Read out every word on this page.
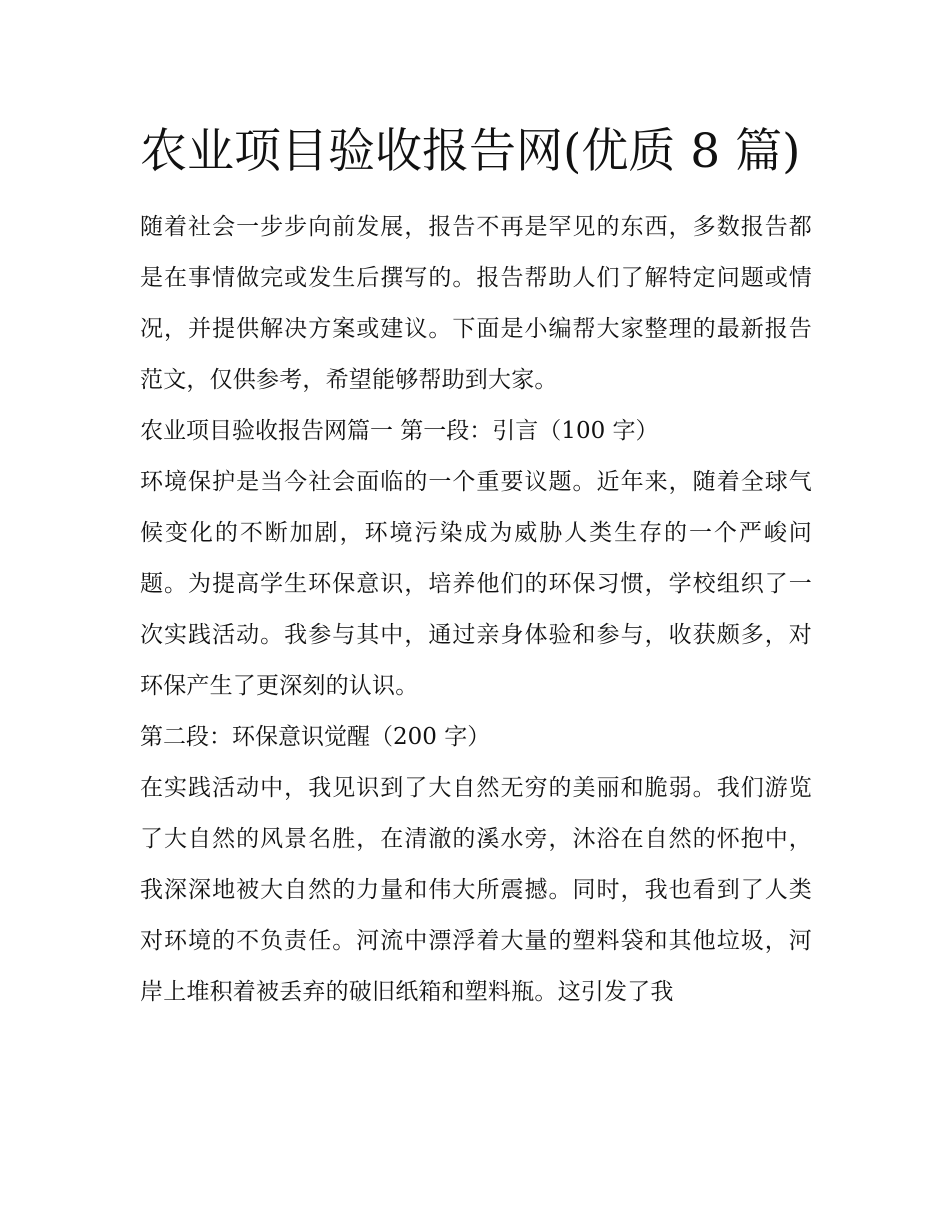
农业项目验收报告网(优质 8 篇)

随着社会一步步向前发展，报告不再是罕见的东西，多数报告都是在事情做完或发生后撰写的。报告帮助人们了解特定问题或情况，并提供解决方案或建议。下面是小编帮大家整理的最新报告范文，仅供参考，希望能够帮助到大家。

农业项目验收报告网篇一 第一段：引言（100 字）

环境保护是当今社会面临的一个重要议题。近年来，随着全球气候变化的不断加剧，环境污染成为威胁人类生存的一个严峻问题。为提高学生环保意识，培养他们的环保习惯，学校组织了一次实践活动。我参与其中，通过亲身体验和参与，收获颇多，对环保产生了更深刻的认识。

第二段：环保意识觉醒（200 字）

在实践活动中，我见识到了大自然无穷的美丽和脆弱。我们游览了大自然的风景名胜，在清澈的溪水旁，沐浴在自然的怀抱中，我深深地被大自然的力量和伟大所震撼。同时，我也看到了人类对环境的不负责任。河流中漂浮着大量的塑料袋和其他垃圾，河岸上堆积着被丢弃的破旧纸箱和塑料瓶。这引发了我
